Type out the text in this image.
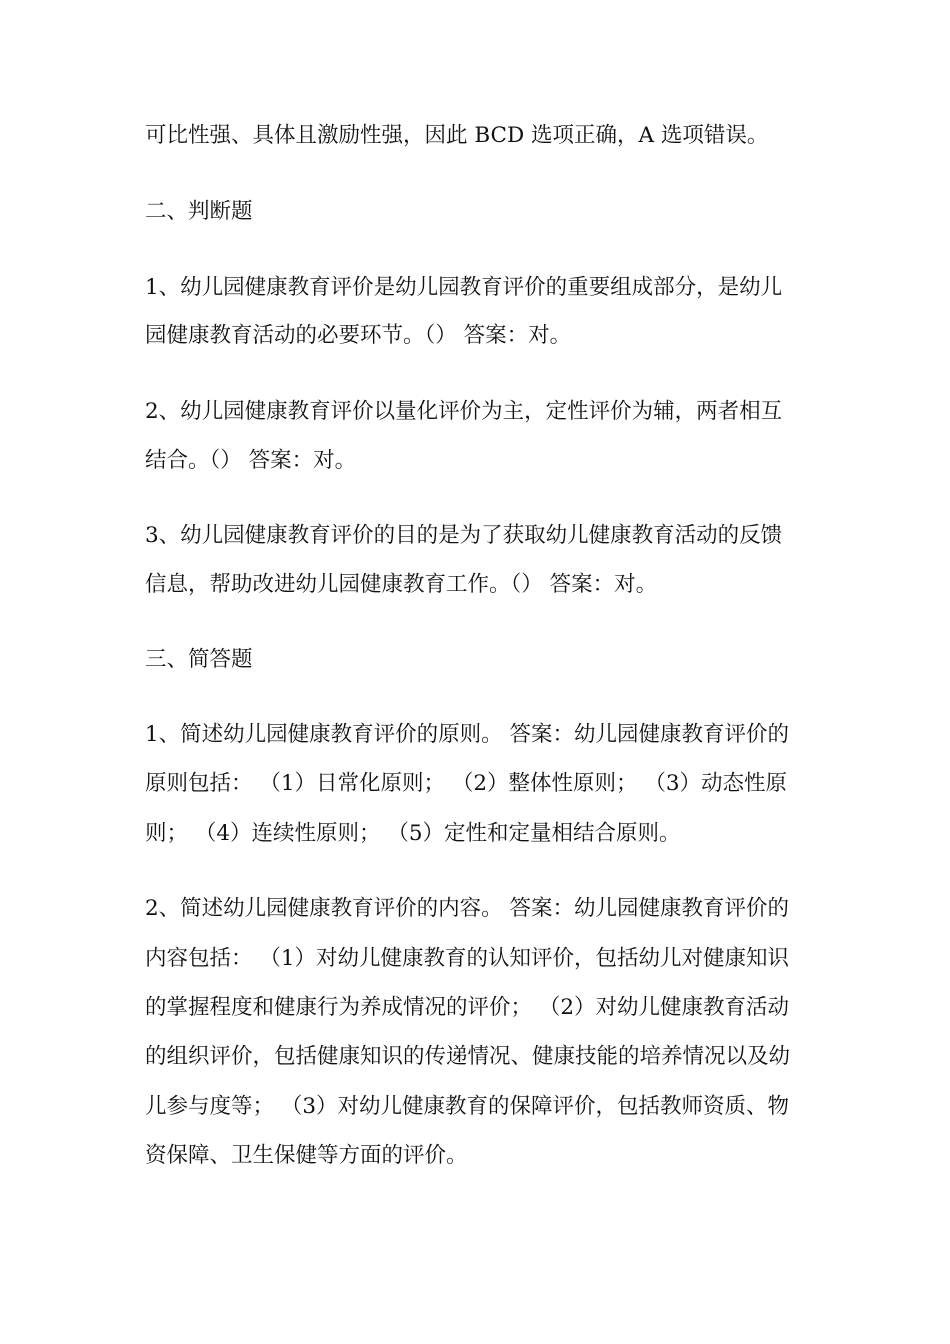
可比性强、具体且激励性强，因此 BCD 选项正确，A 选项错误。
二、判断题
1、幼儿园健康教育评价是幼儿园教育评价的重要组成部分，是幼儿
园健康教育活动的必要环节。（） 答案：对。
2、幼儿园健康教育评价以量化评价为主，定性评价为辅，两者相互
结合。（） 答案：对。
3、幼儿园健康教育评价的目的是为了获取幼儿健康教育活动的反馈
信息，帮助改进幼儿园健康教育工作。（） 答案：对。
三、简答题
1、简述幼儿园健康教育评价的原则。 答案：幼儿园健康教育评价的
原则包括： （1）日常化原则； （2）整体性原则； （3）动态性原
则； （4）连续性原则； （5）定性和定量相结合原则。
2、简述幼儿园健康教育评价的内容。 答案：幼儿园健康教育评价的
内容包括： （1）对幼儿健康教育的认知评价，包括幼儿对健康知识
的掌握程度和健康行为养成情况的评价； （2）对幼儿健康教育活动
的组织评价，包括健康知识的传递情况、健康技能的培养情况以及幼
儿参与度等； （3）对幼儿健康教育的保障评价，包括教师资质、物
资保障、卫生保健等方面的评价。
